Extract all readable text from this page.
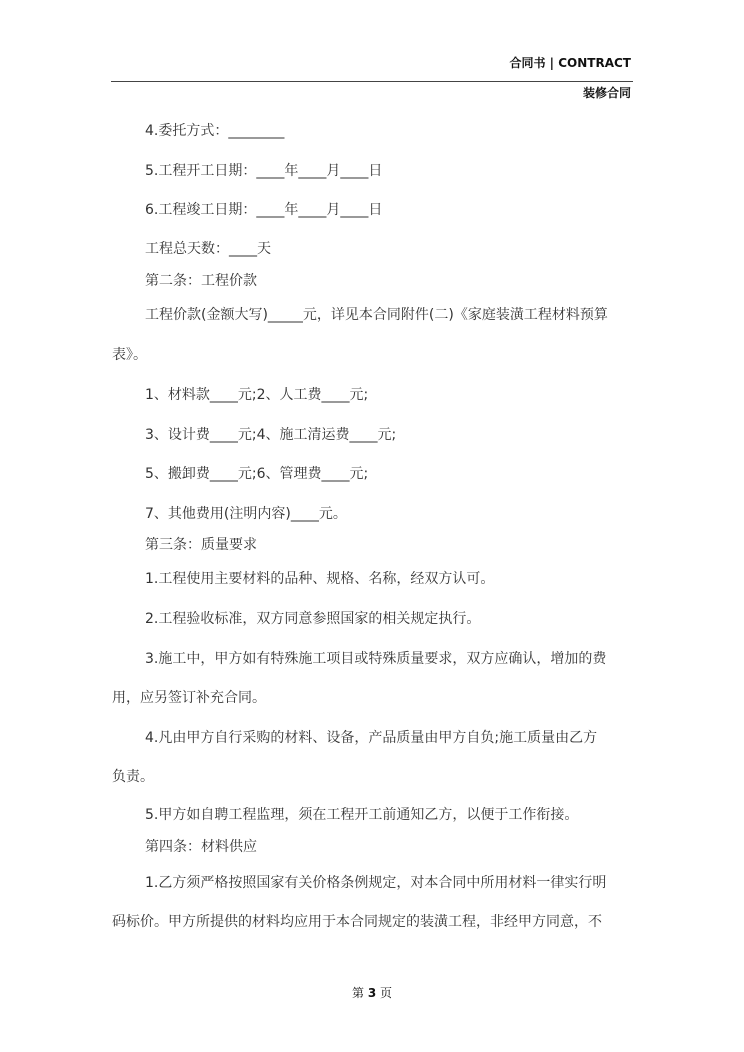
合同书 | CONTRACT
装修合同
4.委托方式：________
5.工程开工日期：____年____月____日
6.工程竣工日期：____年____月____日
工程总天数：____天
第二条：工程价款
工程价款(金额大写)_____元，详见本合同附件(二)《家庭装潢工程材料预算
表》。
1、材料款____元;2、人工费____元;
3、设计费____元;4、施工清运费____元;
5、搬卸费____元;6、管理费____元;
7、其他费用(注明内容)____元。
第三条：质量要求
1.工程使用主要材料的品种、规格、名称，经双方认可。
2.工程验收标准，双方同意参照国家的相关规定执行。
3.施工中，甲方如有特殊施工项目或特殊质量要求，双方应确认，增加的费
用，应另签订补充合同。
4.凡由甲方自行采购的材料、设备，产品质量由甲方自负;施工质量由乙方
负责。
5.甲方如自聘工程监理，须在工程开工前通知乙方，以便于工作衔接。
第四条：材料供应
1.乙方须严格按照国家有关价格条例规定，对本合同中所用材料一律实行明
码标价。甲方所提供的材料均应用于本合同规定的装潢工程，非经甲方同意，不
第 3 页
